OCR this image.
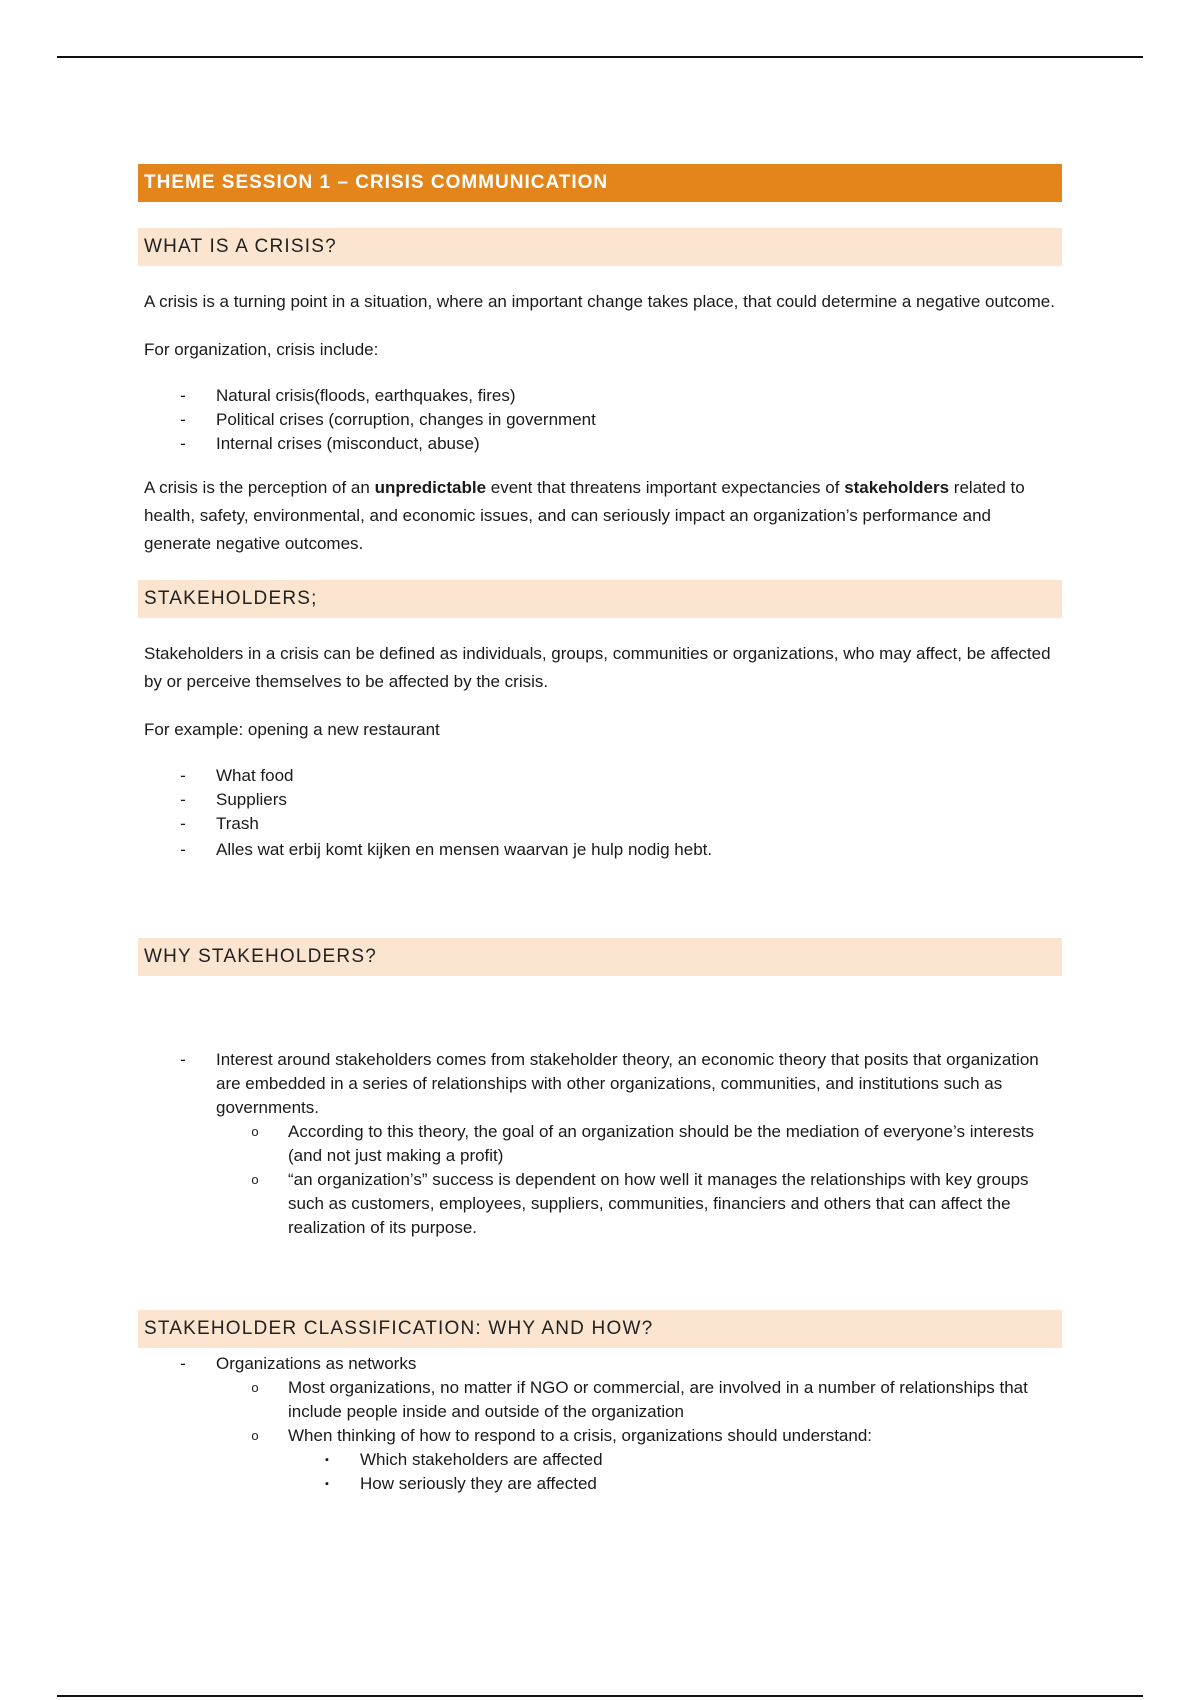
THEME SESSION 1 – CRISIS COMMUNICATION
WHAT IS A CRISIS?

A crisis is a turning point in a situation, where an important change takes place, that could determine a negative outcome.

For organization, crisis include:

- Natural crisis(floods, earthquakes, fires)
- Political crises (corruption, changes in government
- Internal crises (misconduct, abuse)

A crisis is the perception of an unpredictable event that threatens important expectancies of stakeholders related to health, safety, environmental, and economic issues, and can seriously impact an organization’s performance and generate negative outcomes.

STAKEHOLDERS;

Stakeholders in a crisis can be defined as individuals, groups, communities or organizations, who may affect, be affected by or perceive themselves to be affected by the crisis.

For example: opening a new restaurant

- What food
- Suppliers
- Trash
- Alles wat erbij komt kijken en mensen waarvan je hulp nodig hebt.
WHY STAKEHOLDERS?
- Interest around stakeholders comes from stakeholder theory, an economic theory that posits that organization are embedded in a series of relationships with other organizations, communities, and institutions such as governments.
o According to this theory, the goal of an organization should be the mediation of everyone’s interests (and not just making a profit)
o “an organization’s” success is dependent on how well it manages the relationships with key groups such as customers, employees, suppliers, communities, financiers and others that can affect the realization of its purpose.
STAKEHOLDER CLASSIFICATION: WHY AND HOW?
- Organizations as networks
o Most organizations, no matter if NGO or commercial, are involved in a number of relationships that include people inside and outside of the organization
o When thinking of how to respond to a crisis, organizations should understand:
▪ Which stakeholders are affected
▪ How seriously they are affected
